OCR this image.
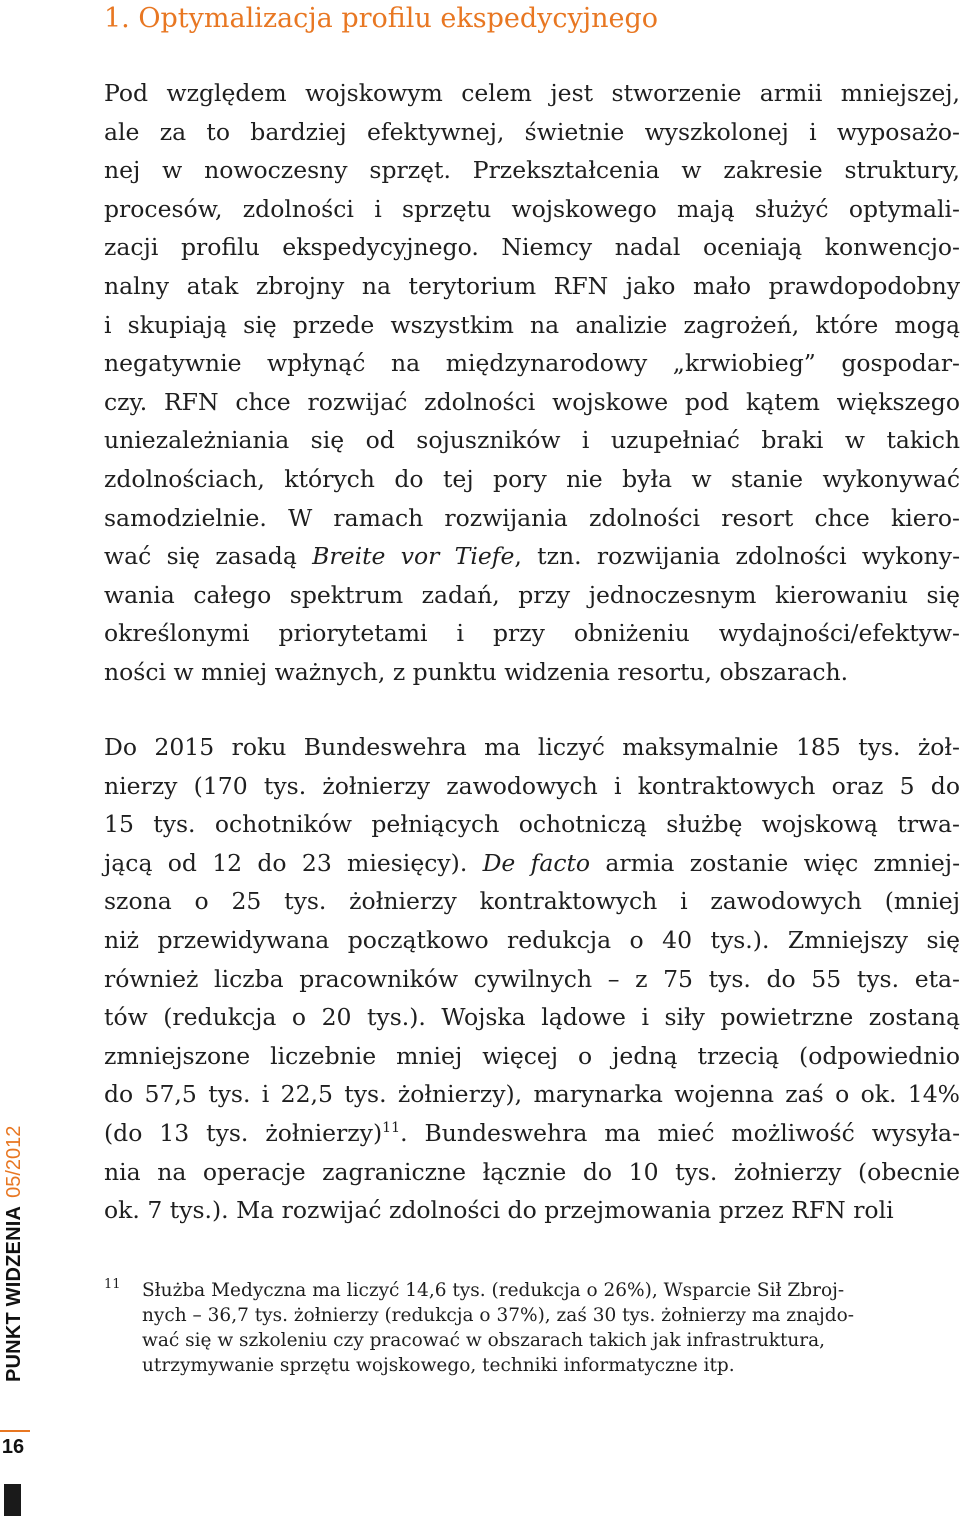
1. Optymalizacja profilu ekspedycyjnego
Pod względem wojskowym celem jest stworzenie armii mniejszej,
ale za to bardziej efektywnej, świetnie wyszkolonej i wyposażo-
nej w nowoczesny sprzęt. Przekształcenia w zakresie struktury,
procesów, zdolności i sprzętu wojskowego mają służyć optymali-
zacji profilu ekspedycyjnego. Niemcy nadal oceniają konwencjo-
nalny atak zbrojny na terytorium RFN jako mało prawdopodobny
i skupiają się przede wszystkim na analizie zagrożeń, które mogą
negatywnie wpłynąć na międzynarodowy „krwiobieg” gospodar-
czy. RFN chce rozwijać zdolności wojskowe pod kątem większego
uniezależniania się od sojuszników i uzupełniać braki w takich
zdolnościach, których do tej pory nie była w stanie wykonywać
samodzielnie. W ramach rozwijania zdolności resort chce kiero-
wać się zasadą Breite vor Tiefe, tzn. rozwijania zdolności wykony-
wania całego spektrum zadań, przy jednoczesnym kierowaniu się
określonymi priorytetami i przy obniżeniu wydajności/efektyw-
ności w mniej ważnych, z punktu widzenia resortu, obszarach.
Do 2015 roku Bundeswehra ma liczyć maksymalnie 185 tys. żoł-
nierzy (170 tys. żołnierzy zawodowych i kontraktowych oraz 5 do
15 tys. ochotników pełniących ochotniczą służbę wojskową trwa-
jącą od 12 do 23 miesięcy). De facto armia zostanie więc zmniej-
szona o 25 tys. żołnierzy kontraktowych i zawodowych (mniej
niż przewidywana początkowo redukcja o 40 tys.). Zmniejszy się
również liczba pracowników cywilnych – z 75 tys. do 55 tys. eta-
tów (redukcja o 20 tys.). Wojska lądowe i siły powietrzne zostaną
zmniejszone liczebnie mniej więcej o jedną trzecią (odpowiednio
do 57,5 tys. i 22,5 tys. żołnierzy), marynarka wojenna zaś o ok. 14%
(do 13 tys. żołnierzy)$^{11}$. Bundeswehra ma mieć możliwość wysyła-
nia na operacje zagraniczne łącznie do 10 tys. żołnierzy (obecnie
ok. 7 tys.). Ma rozwijać zdolności do przejmowania przez RFN roli
11 Służba Medyczna ma liczyć 14,6 tys. (redukcja o 26%), Wsparcie Sił Zbroj-
nych – 36,7 tys. żołnierzy (redukcja o 37%), zaś 30 tys. żołnierzy ma znajdo-
wać się w szkoleniu czy pracować w obszarach takich jak infrastruktura,
utrzymywanie sprzętu wojskowego, techniki informatyczne itp.
PUNKT WIDZENIA05/2012
16
